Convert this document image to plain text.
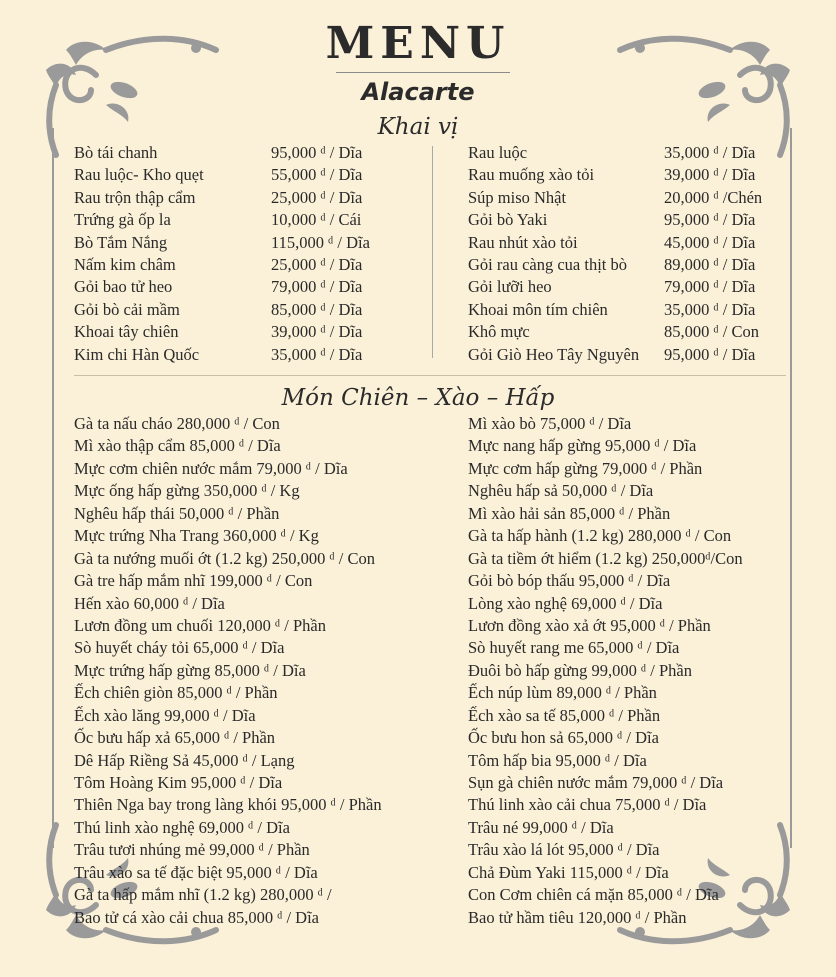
MENU
Alacarte
Khai vị
Bò tái chanh	95,000 ᵈ / Dĩa
Rau luộc- Kho quẹt	55,000 ᵈ / Dĩa
Rau trộn thập cẩm	25,000 ᵈ / Dĩa
Trứng gà ốp la	10,000 ᵈ / Cái
Bò Tắm Nắng	115,000 ᵈ / Dĩa
Nấm kim châm	25,000 ᵈ / Dĩa
Gỏi bao tử heo	79,000 ᵈ / Dĩa
Gỏi bò cải mầm	85,000 ᵈ / Dĩa
Khoai tây chiên	39,000 ᵈ / Dĩa
Kim chi Hàn Quốc	35,000 ᵈ / Dĩa
Rau luộc	35,000 ᵈ / Dĩa
Rau muống xào tỏi	39,000 ᵈ / Dĩa
Súp miso Nhật	20,000 ᵈ /Chén
Gỏi bò Yaki	95,000 ᵈ / Dĩa
Rau nhút xào tỏi	45,000 ᵈ / Dĩa
Gỏi rau càng cua thịt bò 89,000 ᵈ / Dĩa
Gỏi lưỡi heo	79,000 ᵈ / Dĩa
Khoai môn tím chiên	35,000 ᵈ / Dĩa
Khô mực	85,000 ᵈ / Con
Gỏi Giò Heo Tây Nguyên 95,000 ᵈ / Dĩa
Món Chiên – Xào – Hấp
Gà ta nấu cháo 280,000 ᵈ / Con
Mì xào thập cẩm 85,000 ᵈ / Dĩa
Mực cơm chiên nước mắm 79,000 ᵈ / Dĩa
Mực ống hấp gừng 350,000 ᵈ / Kg
Nghêu hấp thái 50,000 ᵈ / Phần
Mực trứng Nha Trang 360,000 ᵈ / Kg
Gà ta nướng muối ớt (1.2 kg) 250,000 ᵈ / Con
Gà tre hấp mắm nhĩ 199,000 ᵈ / Con
Hến xào 60,000 ᵈ / Dĩa
Lươn đồng um chuối 120,000 ᵈ / Phần
Sò huyết cháy tỏi 65,000 ᵈ / Dĩa
Mực trứng hấp gừng 85,000 ᵈ / Dĩa
Ếch chiên giòn 85,000 ᵈ / Phần
Ếch xào lăng 99,000 ᵈ / Dĩa
Ốc bưu hấp xả 65,000 ᵈ / Phần
Dê Hấp Riềng Sả 45,000 ᵈ / Lạng
Tôm Hoàng Kim 95,000 ᵈ / Dĩa
Thiên Nga bay trong làng khói 95,000 ᵈ / Phần
Thú linh xào nghệ 69,000 ᵈ / Dĩa
Trâu tươi nhúng mẻ 99,000 ᵈ / Phần
Trâu xào sa tế đặc biệt 95,000 ᵈ / Dĩa
Gà ta hấp mắm nhĩ (1.2 kg) 280,000 ᵈ /
Bao tử cá xào cải chua 85,000 ᵈ / Dĩa
Mì xào bò 75,000 ᵈ / Dĩa
Mực nang hấp gừng 95,000 ᵈ / Dĩa
Mực cơm hấp gừng 79,000 ᵈ / Phần
Nghêu hấp sả 50,000 ᵈ / Dĩa
Mì xào hải sản 85,000 ᵈ / Phần
Gà ta hấp hành (1.2 kg) 280,000 ᵈ / Con
Gà ta tiềm ớt hiểm (1.2 kg) 250,000ᵈ/Con
Gỏi bò bóp thấu 95,000 ᵈ / Dĩa
Lòng xào nghệ 69,000 ᵈ / Dĩa
Lươn đồng xào xả ớt 95,000 ᵈ / Phần
Sò huyết rang me 65,000 ᵈ / Dĩa
Đuôi bò hấp gừng 99,000 ᵈ / Phần
Ếch núp lùm 89,000 ᵈ / Phần
Ếch xào sa tế 85,000 ᵈ / Phần
Ốc bưu hon sả 65,000 ᵈ / Dĩa
Tôm hấp bia 95,000 ᵈ / Dĩa
Sụn gà chiên nước mắm 79,000 ᵈ / Dĩa
Thú linh xào cải chua 75,000 ᵈ / Dĩa
Trâu né 99,000 ᵈ / Dĩa
Trâu xào lá lót 95,000 ᵈ / Dĩa
Chả Đùm Yaki 115,000 ᵈ / Dĩa
Con Cơm chiên cá mặn 85,000 ᵈ / Dĩa
Bao tử hầm tiêu 120,000 ᵈ / Phần
